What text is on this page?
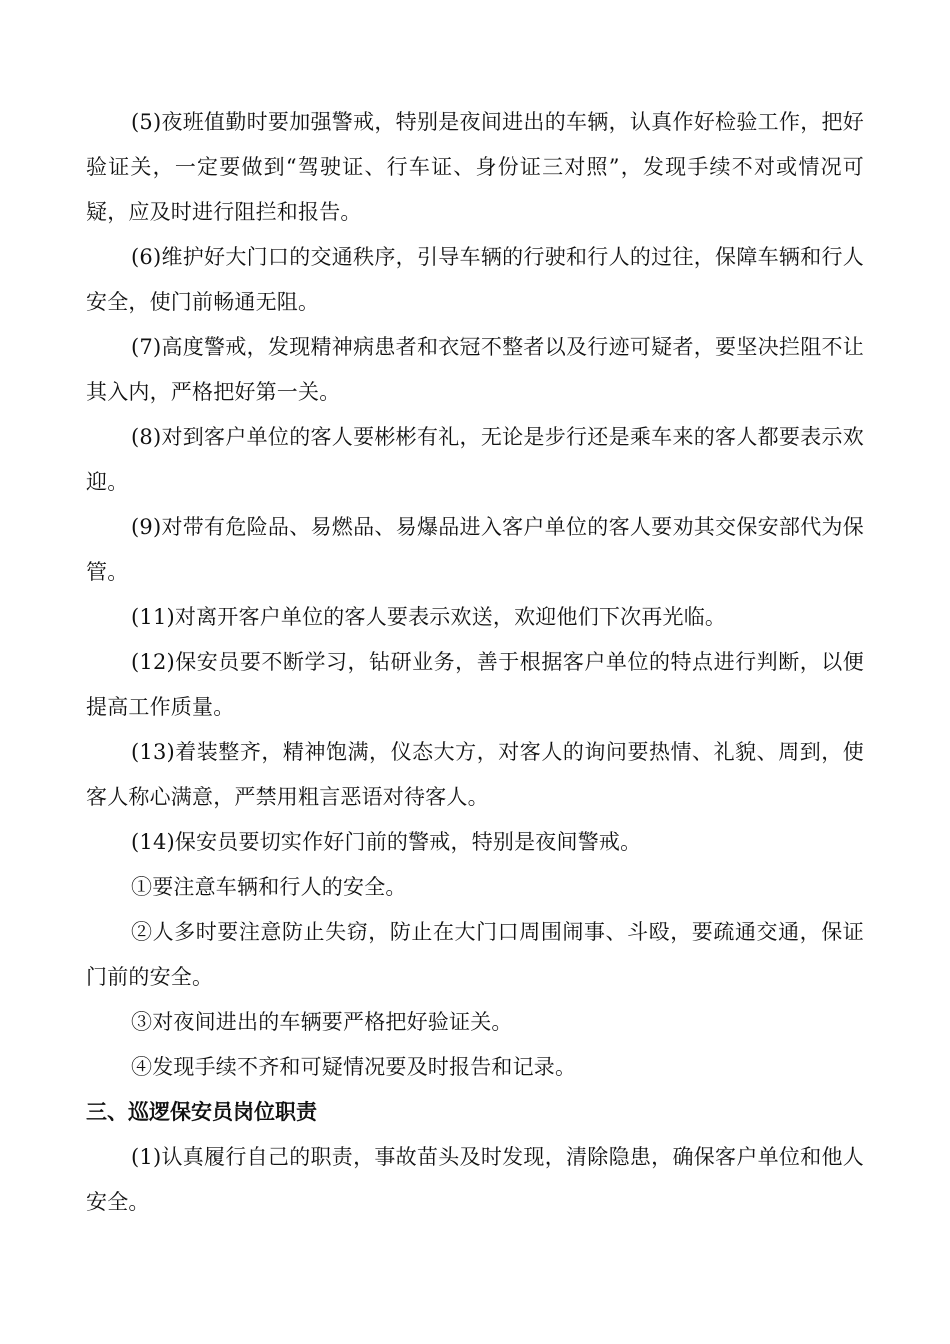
(5)夜班值勤时要加强警戒，特别是夜间进出的车辆，认真作好检验工作，把好验证关，一定要做到“驾驶证、行车证、身份证三对照”，发现手续不对或情况可疑，应及时进行阻拦和报告。

(6)维护好大门口的交通秩序，引导车辆的行驶和行人的过往，保障车辆和行人安全，使门前畅通无阻。

(7)高度警戒，发现精神病患者和衣冠不整者以及行迹可疑者，要坚决拦阻不让其入内，严格把好第一关。

(8)对到客户单位的客人要彬彬有礼，无论是步行还是乘车来的客人都要表示欢迎。

(9)对带有危险品、易燃品、易爆品进入客户单位的客人要劝其交保安部代为保管。

(11)对离开客户单位的客人要表示欢送，欢迎他们下次再光临。

(12)保安员要不断学习，钻研业务，善于根据客户单位的特点进行判断，以便提高工作质量。

(13)着装整齐，精神饱满，仪态大方，对客人的询问要热情、礼貌、周到，使客人称心满意，严禁用粗言恶语对待客人。

(14)保安员要切实作好门前的警戒，特别是夜间警戒。

①要注意车辆和行人的安全。

②人多时要注意防止失窃，防止在大门口周围闹事、斗殴，要疏通交通，保证门前的安全。

③对夜间进出的车辆要严格把好验证关。

④发现手续不齐和可疑情况要及时报告和记录。

三、巡逻保安员岗位职责

(1)认真履行自己的职责，事故苗头及时发现，清除隐患，确保客户单位和他人安全。
